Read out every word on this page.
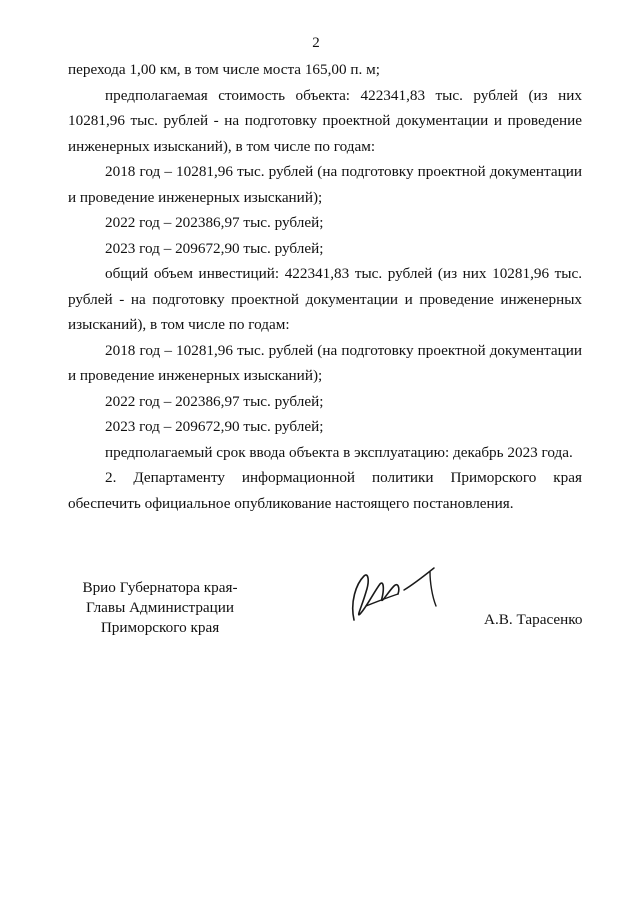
2

перехода 1,00 км, в том числе моста 165,00 п. м;

предполагаемая стоимость объекта: 422341,83 тыс. рублей (из них 10281,96 тыс. рублей - на подготовку проектной документации и проведение инженерных изысканий), в том числе по годам:

2018 год – 10281,96 тыс. рублей (на подготовку проектной документации и проведение инженерных изысканий);

2022 год – 202386,97 тыс. рублей;

2023 год – 209672,90 тыс. рублей;

общий объем инвестиций: 422341,83 тыс. рублей (из них 10281,96 тыс. рублей - на подготовку проектной документации и проведение инженерных изысканий), в том числе по годам:

2018 год – 10281,96 тыс. рублей (на подготовку проектной документации и проведение инженерных изысканий);

2022 год – 202386,97 тыс. рублей;

2023 год – 209672,90 тыс. рублей;

предполагаемый срок ввода объекта в эксплуатацию: декабрь 2023 года.

2. Департаменту информационной политики Приморского края обеспечить официальное опубликование настоящего постановления.

Врио Губернатора края-
Главы Администрации
Приморского края	А.В. Тарасенко
